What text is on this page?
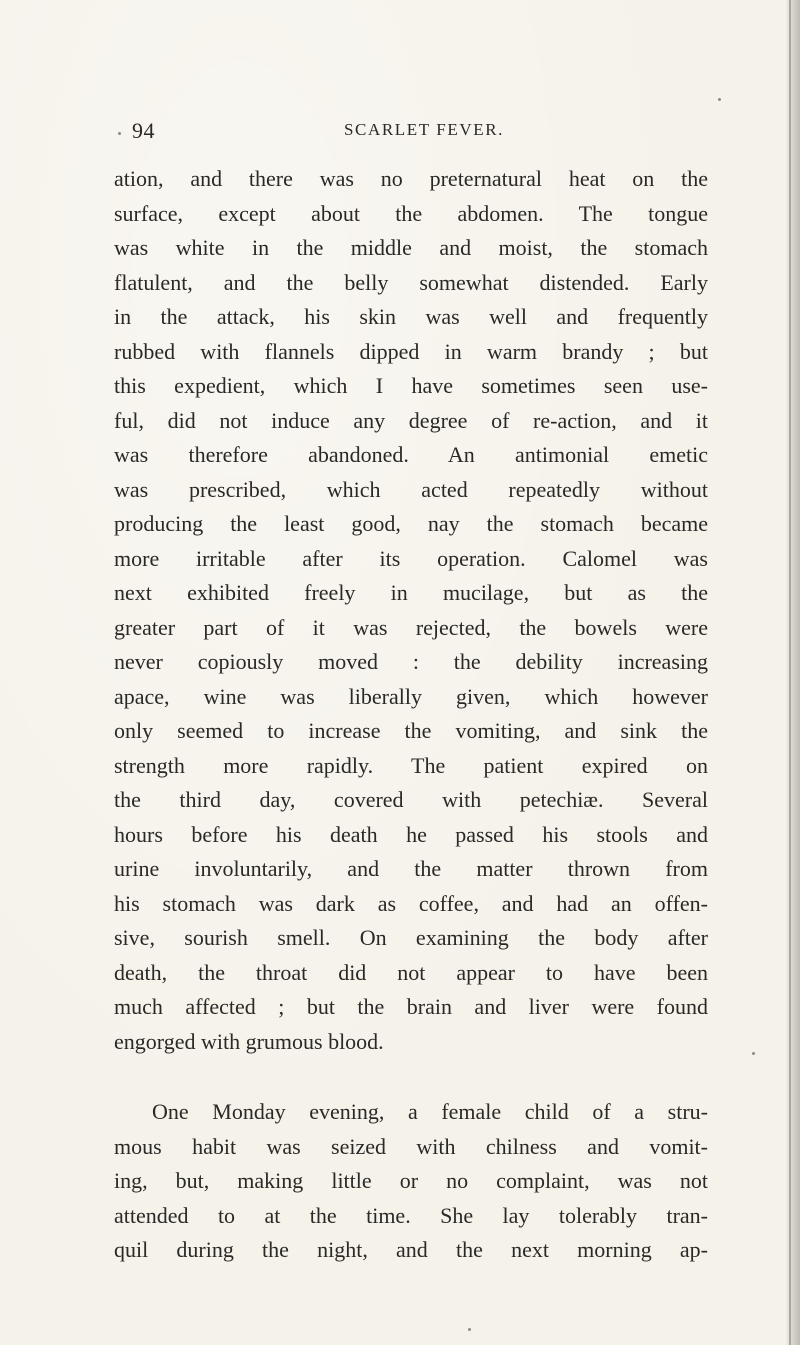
94	SCARLET FEVER.
ation, and there was no preternatural heat on the
surface, except about the abdomen. The tongue
was white in the middle and moist, the stomach
flatulent, and the belly somewhat distended. Early
in the attack, his skin was well and frequently
rubbed with flannels dipped in warm brandy ; but
this expedient, which I have sometimes seen use-
ful, did not induce any degree of re-action, and it
was therefore abandoned. An antimonial emetic
was prescribed, which acted repeatedly without
producing the least good, nay the stomach became
more irritable after its operation. Calomel was
next exhibited freely in mucilage, but as the
greater part of it was rejected, the bowels were
never copiously moved : the debility increasing
apace, wine was liberally given, which however
only seemed to increase the vomiting, and sink the
strength more rapidly. The patient expired on
the third day, covered with petechiæ. Several
hours before his death he passed his stools and
urine involuntarily, and the matter thrown from
his stomach was dark as coffee, and had an offen-
sive, sourish smell. On examining the body after
death, the throat did not appear to have been
much affected ; but the brain and liver were found
engorged with grumous blood.
One Monday evening, a female child of a stru-
mous habit was seized with chilness and vomit-
ing, but, making little or no complaint, was not
attended to at the time. She lay tolerably tran-
quil during the night, and the next morning ap-
